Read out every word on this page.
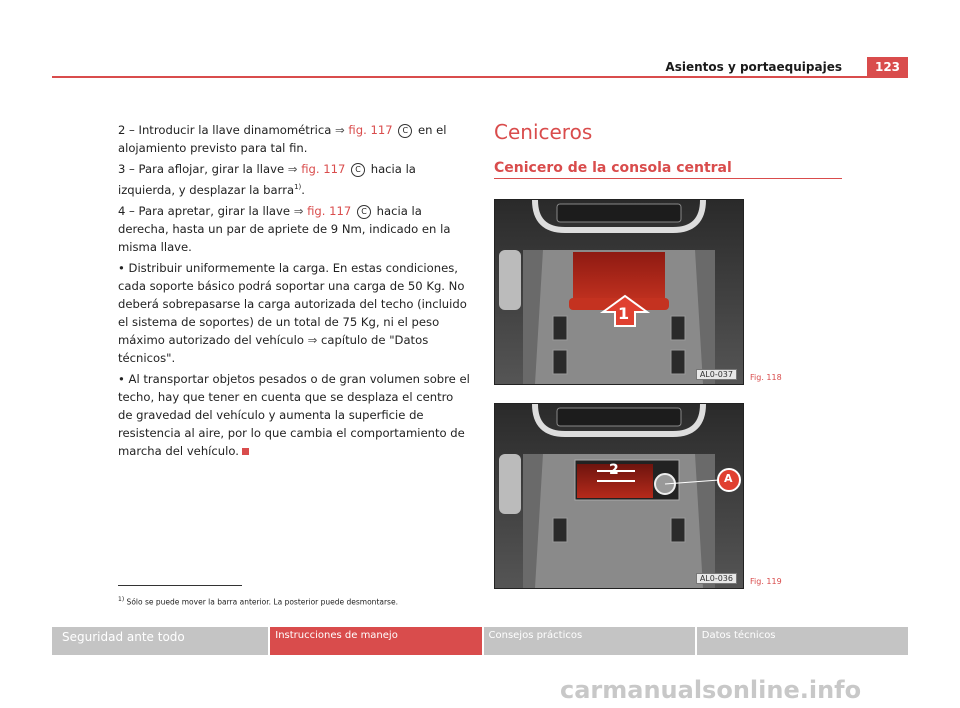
Asientos y portaequipajes	123

2 – Introducir la llave dinamométrica ⇒ fig. 117 C en el alojamiento previsto para tal fin.

3 – Para aflojar, girar la llave ⇒ fig. 117 C hacia la izquierda, y desplazar la barra$^{1)}$.

4 – Para apretar, girar la llave ⇒ fig. 117 C hacia la derecha, hasta un par de apriete de 9 Nm, indicado en la misma llave.

• Distribuir uniformemente la carga. En estas condiciones, cada soporte básico podrá soportar una carga de 50 Kg. No deberá sobrepasarse la carga autorizada del techo (incluido el sistema de soportes) de un total de 75 Kg, ni el peso máximo autorizado del vehículo ⇒ capítulo de "Datos técnicos".

• Al transportar objetos pesados o de gran volumen sobre el techo, hay que tener en cuenta que se desplaza el centro de gravedad del vehículo y aumenta la superficie de resistencia al aire, por lo que cambia el comportamiento de marcha del vehículo.

Ceniceros
Cenicero de la consola central
1
AL0-037	Fig. 118
2
A
AL0-036	Fig. 119
$^{1)}$ Sólo se puede mover la barra anterior. La posterior puede desmontarse.
Seguridad ante todo	Instrucciones de manejo	Consejos prácticos	Datos técnicos
carmanualsonline.info
